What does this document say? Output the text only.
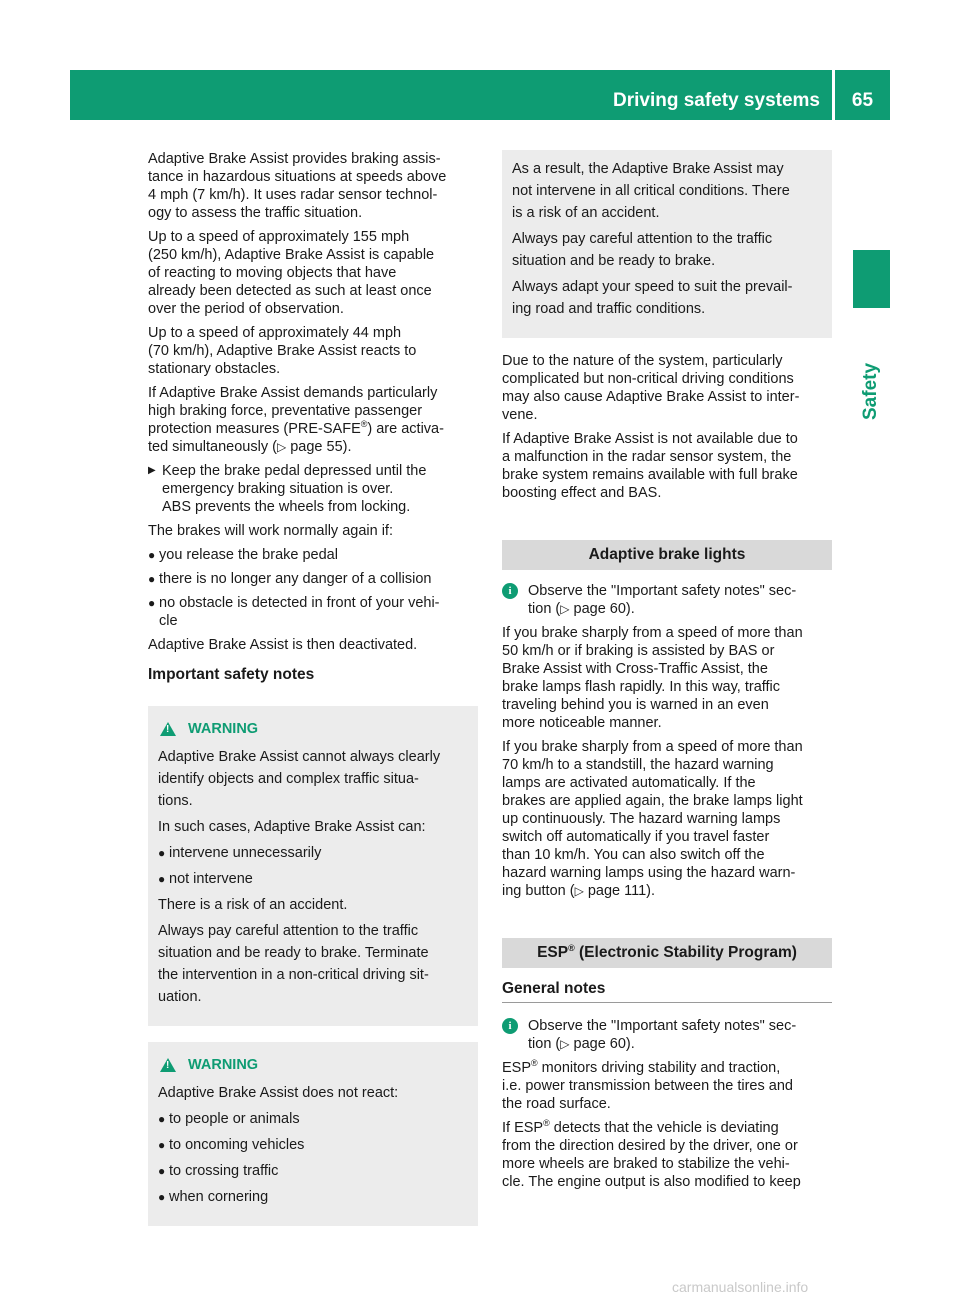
Driving safety systems	65
Safety

Adaptive Brake Assist provides braking assis-
tance in hazardous situations at speeds above
4 mph (7 km/h). It uses radar sensor technol-
ogy to assess the traffic situation.

Up to a speed of approximately 155 mph
(250 km/h), Adaptive Brake Assist is capable
of reacting to moving objects that have
already been detected as such at least once
over the period of observation.

Up to a speed of approximately 44 mph
(70 km/h), Adaptive Brake Assist reacts to
stationary obstacles.

If Adaptive Brake Assist demands particularly
high braking force, preventative passenger
protection measures (PRE-SAFE®) are activa-
ted simultaneously (▷ page 55).

▶ Keep the brake pedal depressed until the
emergency braking situation is over.
ABS prevents the wheels from locking.

The brakes will work normally again if:

● you release the brake pedal
● there is no longer any danger of a collision
● no obstacle is detected in front of your vehi-
cle

Adaptive Brake Assist is then deactivated.

Important safety notes
!
WARNING

Adaptive Brake Assist cannot always clearly
identify objects and complex traffic situa-
tions.

In such cases, Adaptive Brake Assist can:

● intervene unnecessarily
● not intervene

There is a risk of an accident.

Always pay careful attention to the traffic
situation and be ready to brake. Terminate
the intervention in a non-critical driving sit-
uation.

!
WARNING

Adaptive Brake Assist does not react:

● to people or animals
● to oncoming vehicles
● to crossing traffic
● when cornering

As a result, the Adaptive Brake Assist may
not intervene in all critical conditions. There
is a risk of an accident.

Always pay careful attention to the traffic
situation and be ready to brake.

Always adapt your speed to suit the prevail-
ing road and traffic conditions.

Due to the nature of the system, particularly
complicated but non-critical driving conditions
may also cause Adaptive Brake Assist to inter-
vene.

If Adaptive Brake Assist is not available due to
a malfunction in the radar sensor system, the
brake system remains available with full brake
boosting effect and BAS.

Adaptive brake lights
i	Observe the "Important safety notes" sec-
tion (▷ page 60).

If you brake sharply from a speed of more than
50 km/h or if braking is assisted by BAS or
Brake Assist with Cross-Traffic Assist, the
brake lamps flash rapidly. In this way, traffic
traveling behind you is warned in an even
more noticeable manner.

If you brake sharply from a speed of more than
70 km/h to a standstill, the hazard warning
lamps are activated automatically. If the
brakes are applied again, the brake lamps light
up continuously. The hazard warning lamps
switch off automatically if you travel faster
than 10 km/h. You can also switch off the
hazard warning lamps using the hazard warn-
ing button (▷ page 111).

ESP® (Electronic Stability Program)
General notes
i	Observe the "Important safety notes" sec-
tion (▷ page 60).

ESP® monitors driving stability and traction,
i.e. power transmission between the tires and
the road surface.

If ESP® detects that the vehicle is deviating
from the direction desired by the driver, one or
more wheels are braked to stabilize the vehi-
cle. The engine output is also modified to keep

carmanualsonline.info
